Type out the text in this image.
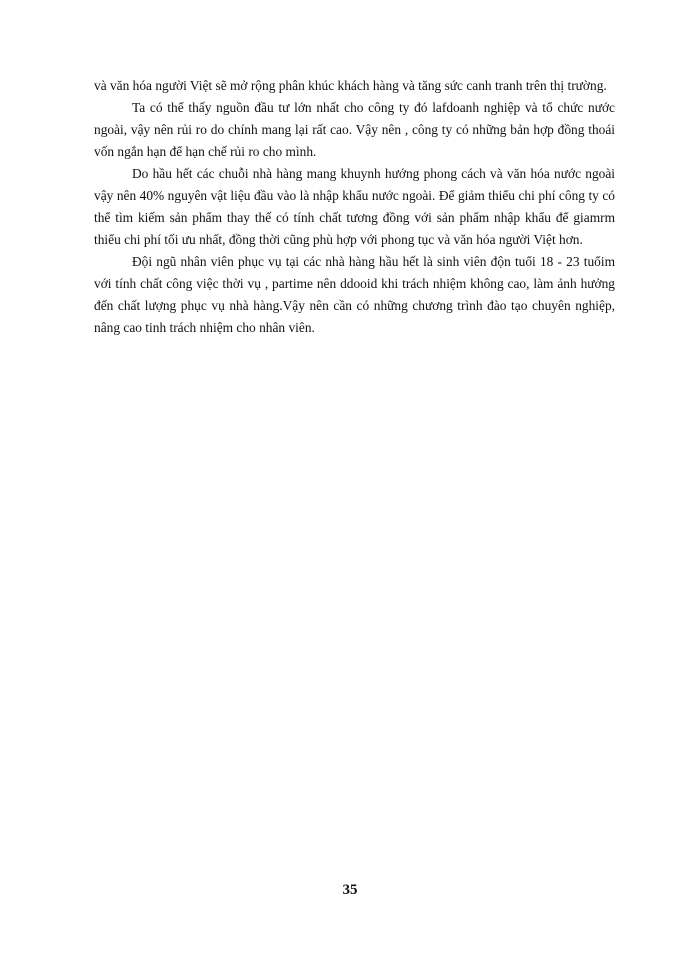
và văn hóa người Việt sẽ mở rộng phân khúc khách hàng và tăng sức canh tranh trên thị trường.

Ta có thể thấy nguồn đầu tư lớn nhất cho công ty đó lafdoanh nghiệp và tổ chức nước ngoài, vậy nên rủi ro do chính mang lại rất cao. Vậy nên , công ty có những bản hợp đồng thoái vốn ngắn hạn để hạn chế rủi ro cho mình.

Do hầu hết các chuỗi nhà hàng mang khuynh hướng phong cách và văn hóa nước ngoài vậy nên 40% nguyên vật liệu đầu vào là nhập khẩu nước ngoài. Để giảm thiểu chi phí công ty có thể tìm kiếm sản phẩm thay thế có tính chất tương đồng với sản phẩm nhập khẩu để giamrm thiểu chi phí tối ưu nhất, đồng thời cũng phù hợp với phong tục và văn hóa người Việt hơn.

Đội ngũ nhân viên phục vụ tại các nhà hàng hầu hết là sinh viên độn tuổi 18 - 23 tuổim với tính chất công việc thời vụ , partime nên ddooid khi trách nhiệm không cao, làm ảnh hưởng đến chất lượng phục vụ nhà hàng.Vậy nên cần có những chương trình đào tạo chuyên nghiệp, nâng cao tinh trách nhiệm cho nhân viên.

35
